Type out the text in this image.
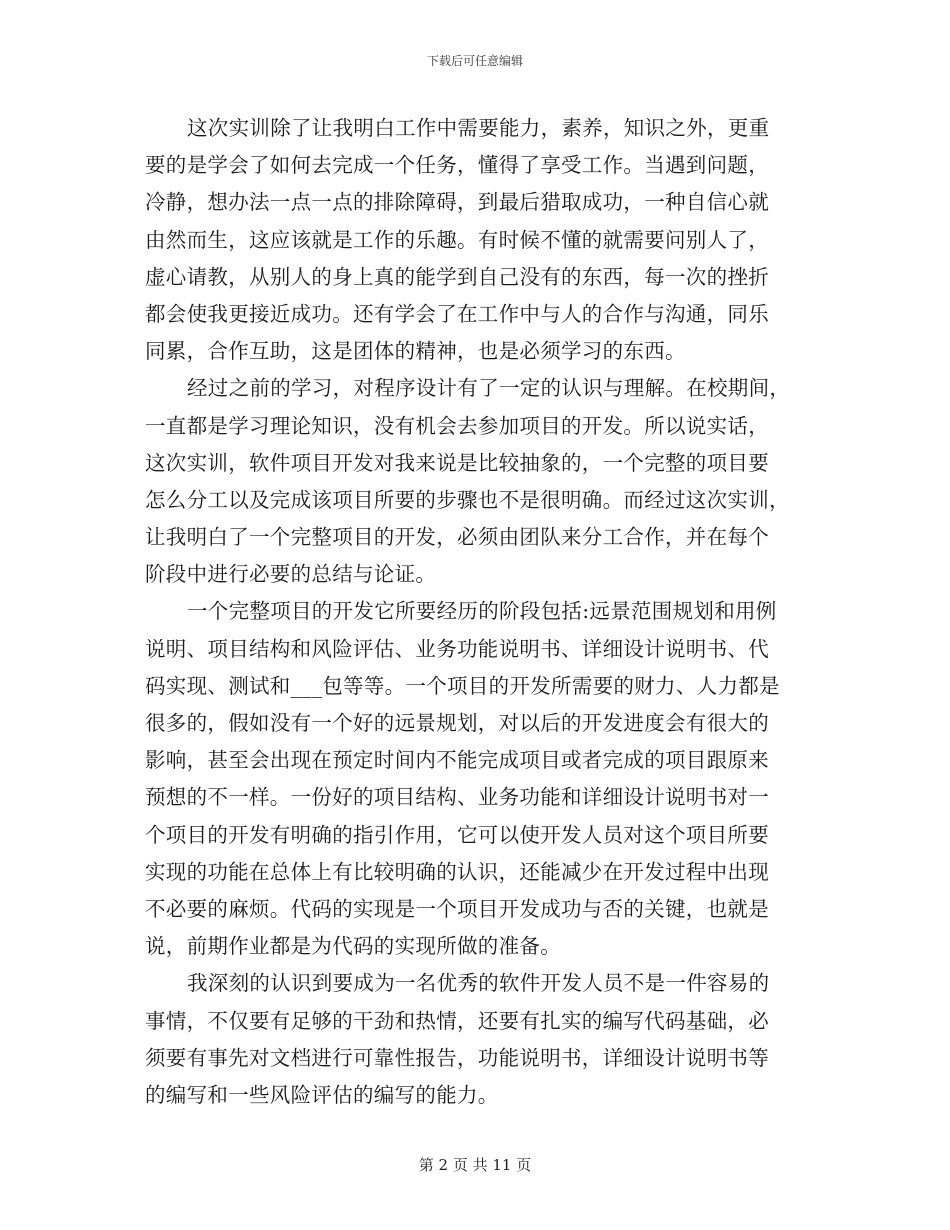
下载后可任意编辑
这次实训除了让我明白工作中需要能力，素养，知识之外，更重
要的是学会了如何去完成一个任务，懂得了享受工作。当遇到问题，
冷静，想办法一点一点的排除障碍，到最后猎取成功，一种自信心就
由然而生，这应该就是工作的乐趣。有时候不懂的就需要问别人了，
虚心请教，从别人的身上真的能学到自己没有的东西，每一次的挫折
都会使我更接近成功。还有学会了在工作中与人的合作与沟通，同乐
同累，合作互助，这是团体的精神，也是必须学习的东西。
经过之前的学习，对程序设计有了一定的认识与理解。在校期间，
一直都是学习理论知识，没有机会去参加项目的开发。所以说实话，
这次实训，软件项目开发对我来说是比较抽象的，一个完整的项目要
怎么分工以及完成该项目所要的步骤也不是很明确。而经过这次实训，
让我明白了一个完整项目的开发，必须由团队来分工合作，并在每个
阶段中进行必要的总结与论证。
一个完整项目的开发它所要经历的阶段包括:远景范围规划和用例
说明、项目结构和风险评估、业务功能说明书、详细设计说明书、代
码实现、测试和___包等等。一个项目的开发所需要的财力、人力都是
很多的，假如没有一个好的远景规划，对以后的开发进度会有很大的
影响，甚至会出现在预定时间内不能完成项目或者完成的项目跟原来
预想的不一样。一份好的项目结构、业务功能和详细设计说明书对一
个项目的开发有明确的指引作用，它可以使开发人员对这个项目所要
实现的功能在总体上有比较明确的认识，还能减少在开发过程中出现
不必要的麻烦。代码的实现是一个项目开发成功与否的关键，也就是
说，前期作业都是为代码的实现所做的准备。
我深刻的认识到要成为一名优秀的软件开发人员不是一件容易的
事情，不仅要有足够的干劲和热情，还要有扎实的编写代码基础，必
须要有事先对文档进行可靠性报告，功能说明书，详细设计说明书等
的编写和一些风险评估的编写的能力。
第 2 页 共 11 页
